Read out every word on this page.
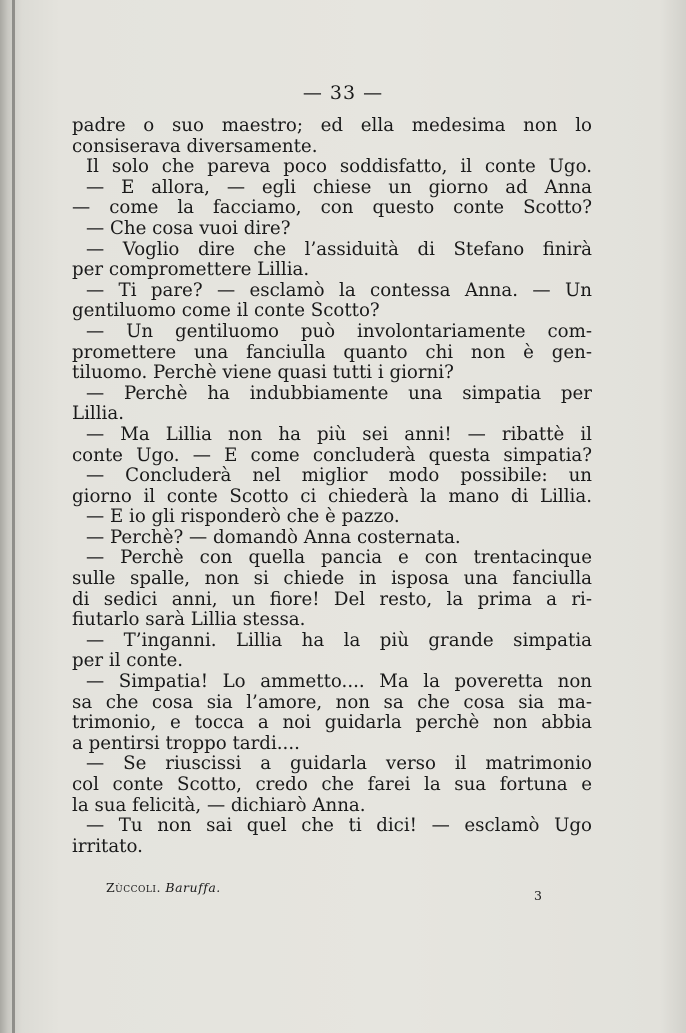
— 33 —
padre o suo maestro; ed ella medesima non lo
consiserava diversamente.
Il solo che pareva poco soddisfatto, il conte Ugo.
— E allora, — egli chiese un giorno ad Anna
— come la facciamo, con questo conte Scotto?
— Che cosa vuoi dire?
— Voglio dire che l’assiduità di Stefano finirà
per compromettere Lillia.
— Ti pare? — esclamò la contessa Anna. — Un
gentiluomo come il conte Scotto?
— Un gentiluomo può involontariamente com-
promettere una fanciulla quanto chi non è gen-
tiluomo. Perchè viene quasi tutti i giorni?
— Perchè ha indubbiamente una simpatia per
Lillia.
— Ma Lillia non ha più sei anni! — ribattè il
conte Ugo. — E come concluderà questa simpatia?
— Concluderà nel miglior modo possibile: un
giorno il conte Scotto ci chiederà la mano di Lillia.
— E io gli risponderò che è pazzo.
— Perchè? — domandò Anna costernata.
— Perchè con quella pancia e con trentacinque
sulle spalle, non si chiede in isposa una fanciulla
di sedici anni, un fiore! Del resto, la prima a ri-
fiutarlo sarà Lillia stessa.
— T’inganni. Lillia ha la più grande simpatia
per il conte.
— Simpatia! Lo ammetto.... Ma la poveretta non
sa che cosa sia l’amore, non sa che cosa sia ma-
trimonio, e tocca a noi guidarla perchè non abbia
a pentirsi troppo tardi....
— Se riuscissi a guidarla verso il matrimonio
col conte Scotto, credo che farei la sua fortuna e
la sua felicità, — dichiarò Anna.
— Tu non sai quel che ti dici! — esclamò Ugo
irritato.
Zùccoli. Baruffa.
3
